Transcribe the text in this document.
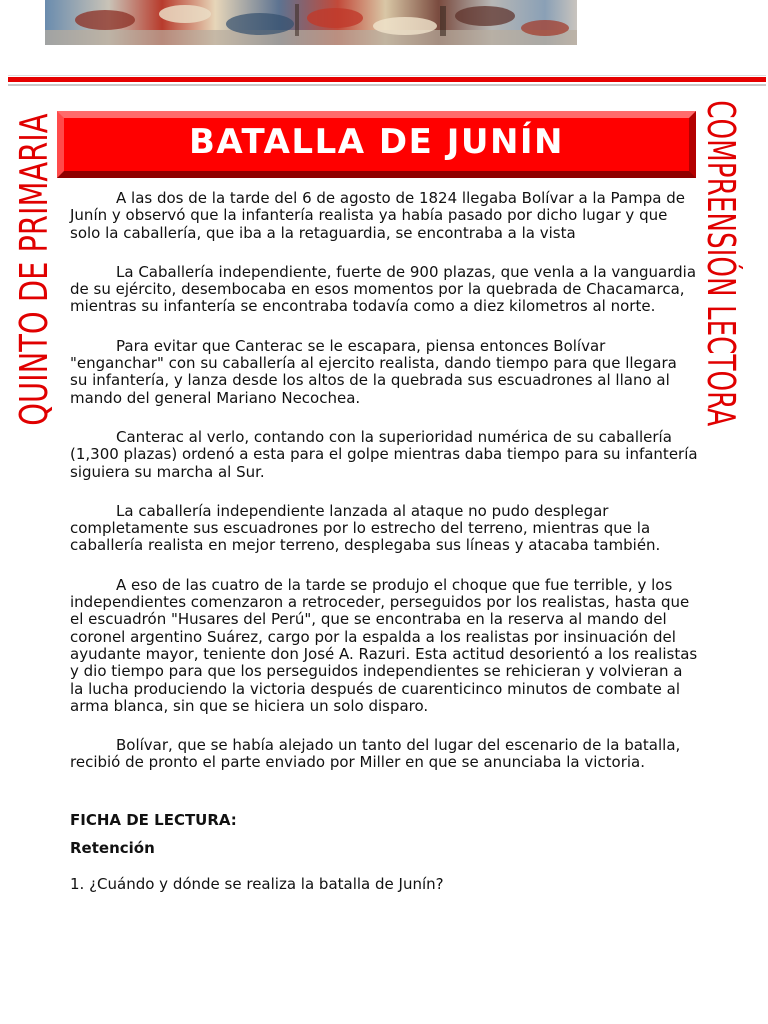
BATALLA DE JUNÍN
QUINTO DE PRIMARIA	COMPRENSIÓN LECTORA

A las dos de la tarde del 6 de agosto de 1824 llegaba Bolívar a la Pampa de Junín y observó que la infantería realista ya había pasado por dicho lugar y que solo la caballería, que iba a la retaguardia, se encontraba a la vista

La Caballería independiente, fuerte de 900 plazas, que venla a la vanguardia de su ejército, desembocaba en esos momentos por la quebrada de Chacamarca, mientras su infantería se encontraba todavía como a diez kilometros al norte.

Para evitar que Canterac se le escapara, piensa entonces Bolívar "enganchar" con su caballería al ejercito realista, dando tiempo para que llegara su infantería, y lanza desde los altos de la quebrada sus escuadrones al llano al mando del general Mariano Necochea.

Canterac al verlo, contando con la superioridad numérica de su caballería (1,300 plazas) ordenó a esta para el golpe mientras daba tiempo para su infantería siguiera su marcha al Sur.

La caballería independiente lanzada al ataque no pudo desplegar completamente sus escuadrones por lo estrecho del terreno, mientras que la caballería realista en mejor terreno, desplegaba sus líneas y atacaba también.

A eso de las cuatro de la tarde se produjo el choque que fue terrible, y los independientes comenzaron a retroceder, perseguidos por los realistas, hasta que el escuadrón "Husares del Perú", que se encontraba en la reserva al mando del coronel argentino Suárez, cargo por la espalda a los realistas por insinuación del ayudante mayor, teniente don José A. Razuri. Esta actitud desorientó a los realistas y dio tiempo para que los perseguidos independientes se rehicieran y volvieran a la lucha produciendo la victoria después de cuarenticinco minutos de combate al arma blanca, sin que se hiciera un solo disparo.

Bolívar, que se había alejado un tanto del lugar del escenario de la batalla, recibió de pronto el parte enviado por Miller en que se anunciaba la victoria.

FICHA DE LECTURA:
Retención
1. ¿Cuándo y dónde se realiza la batalla de Junín?
